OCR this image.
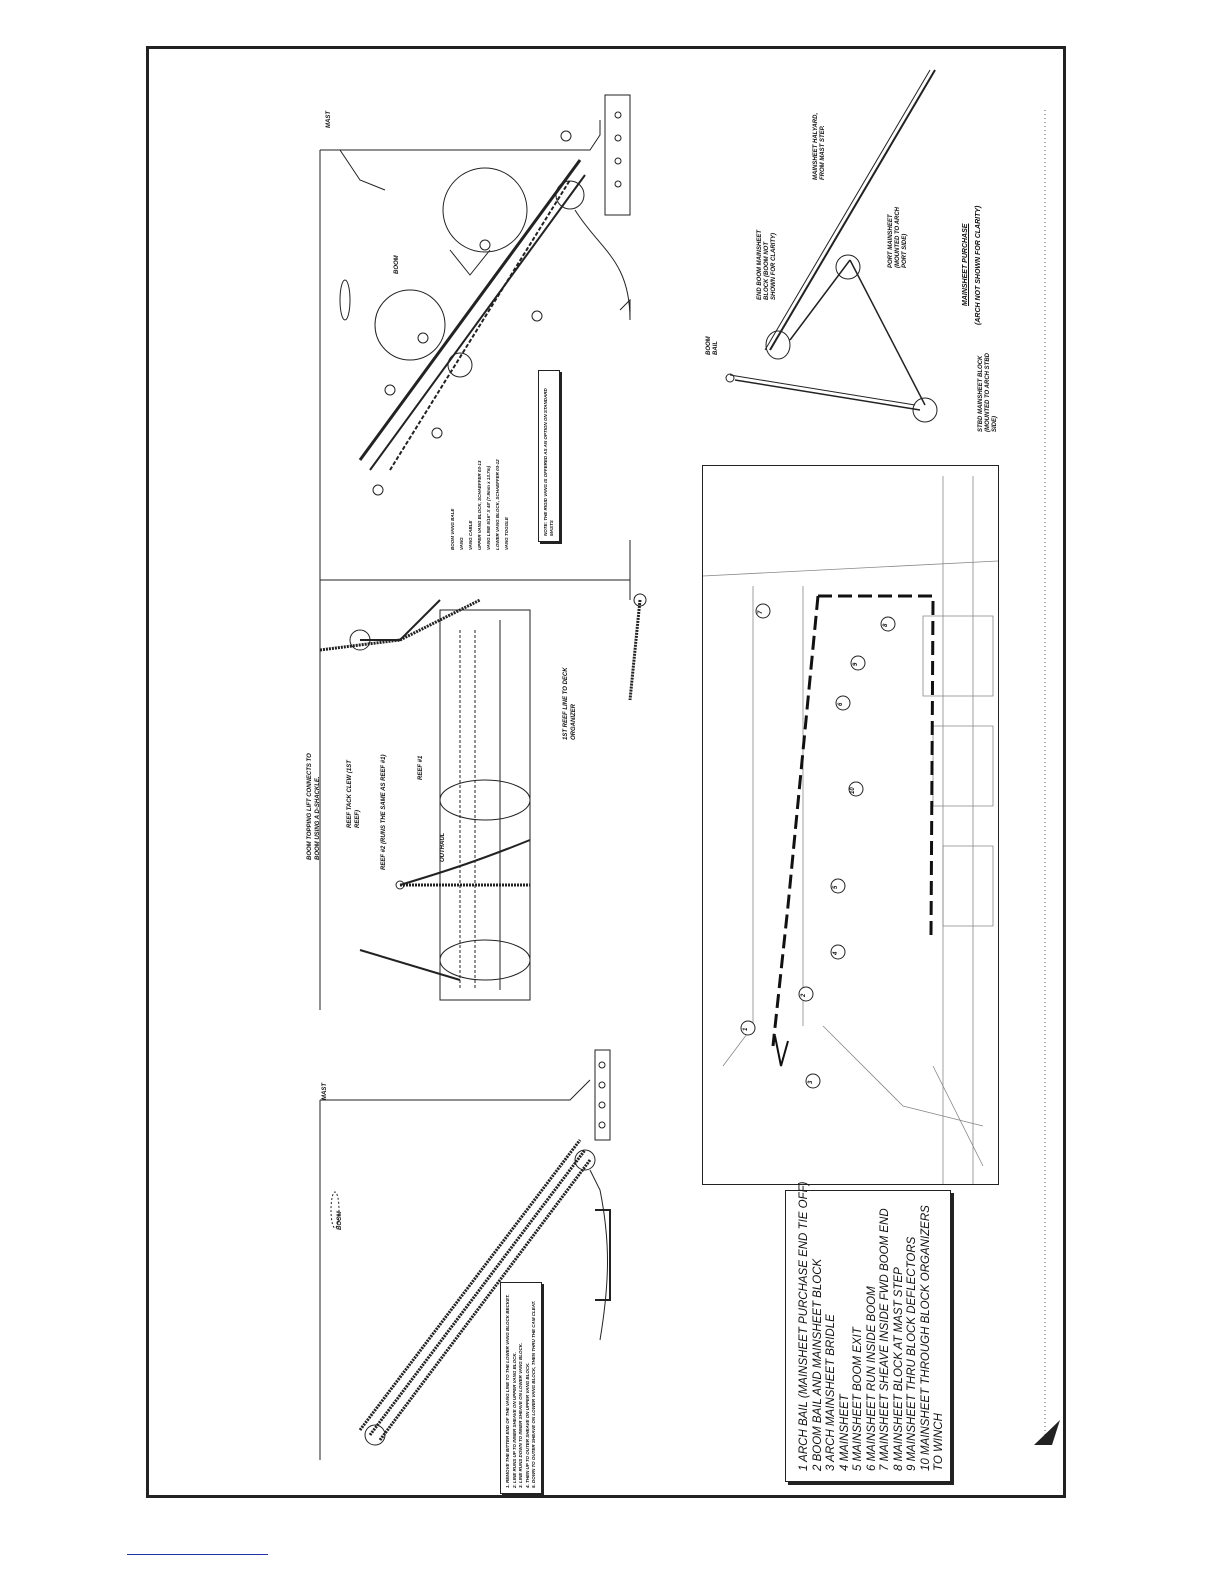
MAST
BOOM
BOOM VANG BALE VANG VANG CABLE UPPER VANG BLOCK, SCHAEFFER 03-13 VANG LINE 5/16" X 48' (7.9mm x 13.7m) LOWER VANG BLOCK, SCHAEFFER 03-12 VANG TOGGLE	NOTE: THE RIGID VANG IS OFFERED AS AN OPTION ON STANDARD MASTS
BOOM TOPPING LIFT CONNECTS TO BOOM USING A D-SHACKLE.	REEF TACK CLEW (1ST REEF)	REEF #2 (RUNS THE SAME AS REEF #1)	REEF #1
OUTHAUL
1ST REEF LINE TO DECK ORGANIZER
MAST
BOOM
1. REMOVE THE BITTER END OF THE VANG LINE TO THE LOWER VANG BLOCK BECKET. 2. LINE RUNS UP TO INNER SHEAVE ON UPPER VANG BLOCK. 3. LINE RUNS DOWN TO INNER SHEAVE ON LOWER VANG BLOCK. 4. THEN UP TO OUTER SHEAVE ON UPPER VANG BLOCK. 5. DOWN TO OUTER SHEAVE ON LOWER VANG BLOCK, THEN THRU THE CAM CLEAT.
BOOM BAIL
END BOOM MAINSHEET BLOCK (BOOM NOT SHOWN FOR CLARITY)
MAINSHEET HALYARD, FROM MAST STEP.
PORT MAINSHEET (MOUNTED TO ARCH PORT SIDE)
STBD MAINSHEET BLOCK (MOUNTED TO ARCH STBD SIDE)
MAINSHEET PURCHASE (ARCH NOT SHOWN FOR CLARITY)
1
2
3
4
5
6
7
8
9
10
1 ARCH BAIL (MAINSHEET PURCHASE END TIE OFF) 2 BOOM BAIL AND MAINSHEET BLOCK 3 ARCH MAINSHEET BRIDLE 4 MAINSHEET 5 MAINSHEET BOOM EXIT 6 MAINSHEET RUN INSIDE BOOM 7 MAINSHEET SHEAVE INSIDE FWD BOOM END 8 MAINSHEET BLOCK AT MAST STEP 9 MAINSHEET THRU BLOCK DEFLECTORS 10 MAINSHEET THROUGH BLOCK ORGANIZERS TO WINCH
